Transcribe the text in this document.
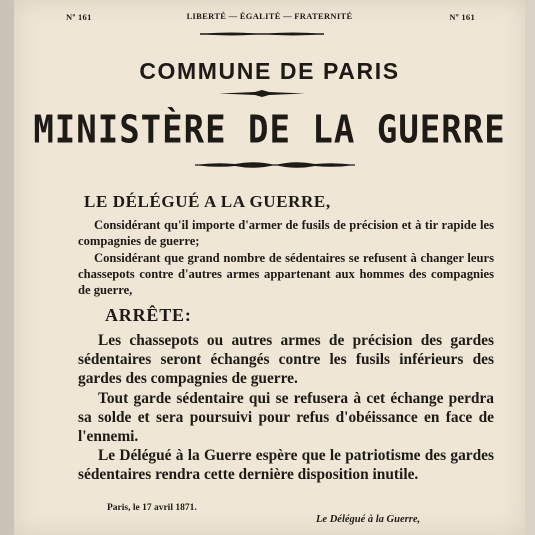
Nº 161	LIBERTÉ — ÉGALITÉ — FRATERNITÉ	Nº 161
COMMUNE DE PARIS
MINISTÈRE DE LA GUERRE
LE DÉLÉGUÉ A LA GUERRE,
Considérant qu'il importe d'armer de fusils de précision et à tir rapide les compagnies de guerre;
Considérant que grand nombre de sédentaires se refusent à changer leurs chassepots contre d'autres armes appartenant aux hommes des compagnies de guerre,
ARRÊTE:
Les chassepots ou autres armes de précision des gardes sédentaires seront échangés contre les fusils inférieurs des gardes des compagnies de guerre.
Tout garde sédentaire qui se refusera à cet échange perdra sa solde et sera poursuivi pour refus d'obéissance en face de l'ennemi.
Le Délégué à la Guerre espère que le patriotisme des gardes sédentaires rendra cette dernière disposition inutile.
Paris, le 17 avril 1871.
Le Délégué à la Guerre,
